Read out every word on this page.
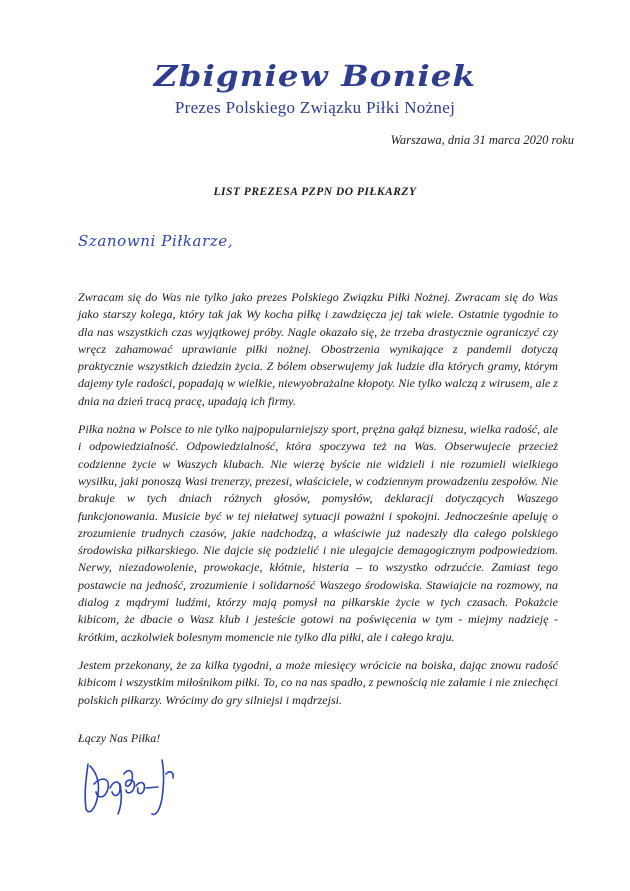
Zbigniew Boniek
Prezes Polskiego Związku Piłki Nożnej
Warszawa, dnia 31 marca 2020 roku
LIST PREZESA PZPN DO PIŁKARZY
Szanowni Piłkarze,

Zwracam się do Was nie tylko jako prezes Polskiego Związku Piłki Nożnej. Zwracam się do Was jako starszy kolega, który tak jak Wy kocha piłkę i zawdzięcza jej tak wiele. Ostatnie tygodnie to dla nas wszystkich czas wyjątkowej próby. Nagle okazało się, że trzeba drastycznie ograniczyć czy wręcz zahamować uprawianie piłki nożnej. Obostrzenia wynikające z pandemii dotyczą praktycznie wszystkich dziedzin życia. Z bólem obserwujemy jak ludzie dla których gramy, którym dajemy tyle radości, popadają w wielkie, niewyobrażalne kłopoty. Nie tylko walczą z wirusem, ale z dnia na dzień tracą pracę, upadają ich firmy.

Piłka nożna w Polsce to nie tylko najpopularniejszy sport, prężna gałąź biznesu, wielka radość, ale i odpowiedzialność. Odpowiedzialność, która spoczywa też na Was. Obserwujecie przecież codzienne życie w Waszych klubach. Nie wierzę byście nie widzieli i nie rozumieli wielkiego wysiłku, jaki ponoszą Wasi trenerzy, prezesi, właściciele, w codziennym prowadzeniu zespołów. Nie brakuje w tych dniach różnych głosów, pomysłów, deklaracji dotyczących Waszego funkcjonowania. Musicie być w tej niełatwej sytuacji poważni i spokojni. Jednocześnie apeluję o zrozumienie trudnych czasów, jakie nadchodzą, a właściwie już nadeszły dla całego polskiego środowiska piłkarskiego. Nie dajcie się podzielić i nie ulegajcie demagogicznym podpowiedziom. Nerwy, niezadowolenie, prowokacje, kłótnie, histeria – to wszystko odrzućcie. Zamiast tego postawcie na jedność, zrozumienie i solidarność Waszego środowiska. Stawiajcie na rozmowy, na dialog z mądrymi ludźmi, którzy mają pomysł na piłkarskie życie w tych czasach. Pokażcie kibicom, że dbacie o Wasz klub i jesteście gotowi na poświęcenia w tym - miejmy nadzieję - krótkim, aczkolwiek bolesnym momencie nie tylko dla piłki, ale i całego kraju.

Jestem przekonany, że za kilka tygodni, a może miesięcy wrócicie na boiska, dając znowu radość kibicom i wszystkim miłośnikom piłki. To, co na nas spadło, z pewnością nie załamie i nie zniechęci polskich piłkarzy. Wrócimy do gry silniejsi i mądrzejsi.

Łączy Nas Piłka!
